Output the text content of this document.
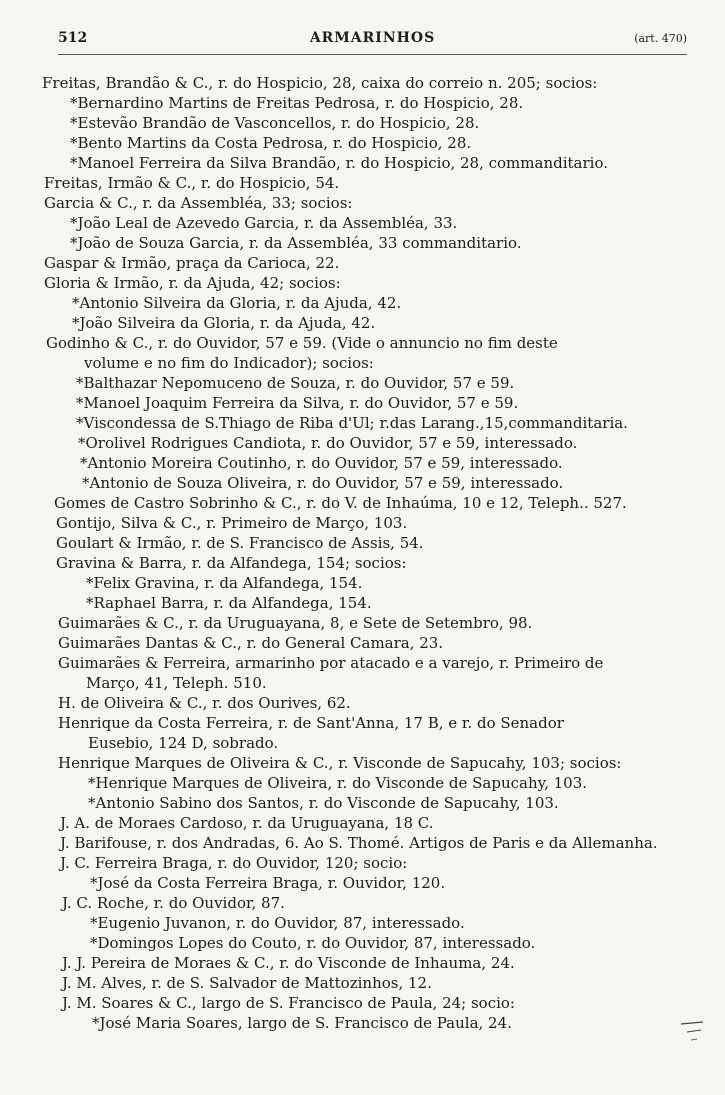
512	ARMARINHOS	(art. 470)
Freitas, Brandão & C., r. do Hospicio, 28, caixa do correio n. 205; socios:
*Bernardino Martins de Freitas Pedrosa, r. do Hospicio, 28.
*Estevão Brandão de Vasconcellos, r. do Hospicio, 28.
*Bento Martins da Costa Pedrosa, r. do Hospicio, 28.
*Manoel Ferreira da Silva Brandão, r. do Hospicio, 28, commanditario.
Freitas, Irmão & C., r. do Hospicio, 54.
Garcia & C., r. da Assembléa, 33; socios:
*João Leal de Azevedo Garcia, r. da Assembléa, 33.
*João de Souza Garcia, r. da Assembléa, 33 commanditario.
Gaspar & Irmão, praça da Carioca, 22.
Gloria & Irmão, r. da Ajuda, 42; socios:
*Antonio Silveira da Gloria, r. da Ajuda, 42.
*João Silveira da Gloria, r. da Ajuda, 42.
Godinho & C., r. do Ouvidor, 57 e 59. (Vide o annuncio no fim deste
volume e no fim do Indicador); socios:
*Balthazar Nepomuceno de Souza, r. do Ouvidor, 57 e 59.
*Manoel Joaquim Ferreira da Silva, r. do Ouvidor, 57 e 59.
*Viscondessa de S.Thiago de Riba d'Ul; r.das Larang.,15,commanditaria.
*Orolivel Rodrigues Candiota, r. do Ouvidor, 57 e 59, interessado.
*Antonio Moreira Coutinho, r. do Ouvidor, 57 e 59, interessado.
*Antonio de Souza Oliveira, r. do Ouvidor, 57 e 59, interessado.
Gomes de Castro Sobrinho & C., r. do V. de Inhaúma, 10 e 12, Teleph.. 527.
Gontijo, Silva & C., r. Primeiro de Março, 103.
Goulart & Irmão, r. de S. Francisco de Assis, 54.
Gravina & Barra, r. da Alfandega, 154; socios:
*Felix Gravina, r. da Alfandega, 154.
*Raphael Barra, r. da Alfandega, 154.
Guimarães & C., r. da Uruguayana, 8, e Sete de Setembro, 98.
Guimarães Dantas & C., r. do General Camara, 23.
Guimarães & Ferreira, armarinho por atacado e a varejo, r. Primeiro de
Março, 41, Teleph. 510.
H. de Oliveira & C., r. dos Ourives, 62.
Henrique da Costa Ferreira, r. de Sant'Anna, 17 B, e r. do Senador
Eusebio, 124 D, sobrado.
Henrique Marques de Oliveira & C., r. Visconde de Sapucahy, 103; socios:
*Henrique Marques de Oliveira, r. do Visconde de Sapucahy, 103.
*Antonio Sabino dos Santos, r. do Visconde de Sapucahy, 103.
J. A. de Moraes Cardoso, r. da Uruguayana, 18 C.
J. Barifouse, r. dos Andradas, 6. Ao S. Thomé. Artigos de Paris e da Allemanha.
J. C. Ferreira Braga, r. do Ouvidor, 120; socio:
*José da Costa Ferreira Braga, r. Ouvidor, 120.
J. C. Roche, r. do Ouvidor, 87.
*Eugenio Juvanon, r. do Ouvidor, 87, interessado.
*Domingos Lopes do Couto, r. do Ouvidor, 87, interessado.
J. J. Pereira de Moraes & C., r. do Visconde de Inhauma, 24.
J. M. Alves, r. de S. Salvador de Mattozinhos, 12.
J. M. Soares & C., largo de S. Francisco de Paula, 24; socio:
*José Maria Soares, largo de S. Francisco de Paula, 24.
